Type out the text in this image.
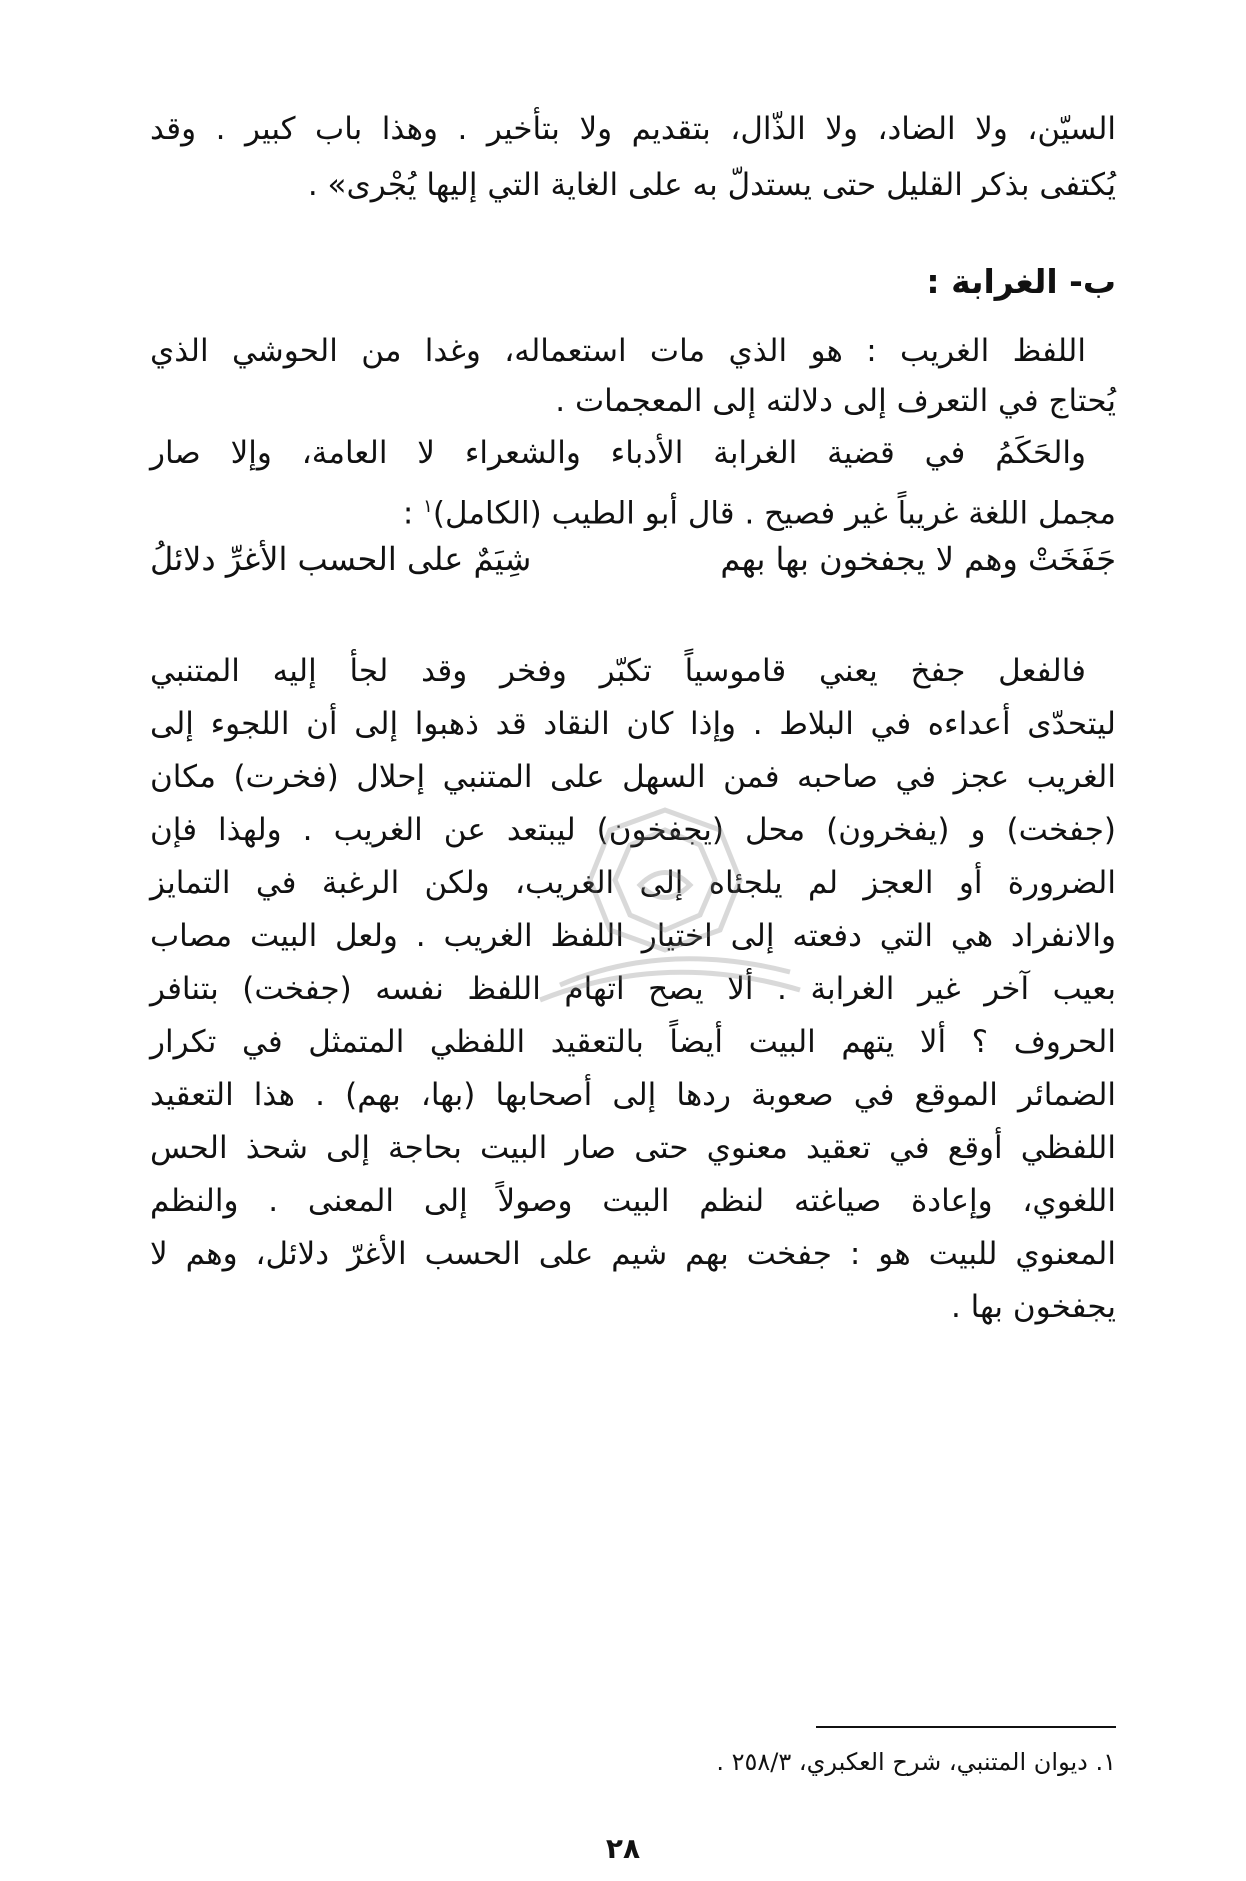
السيّن، ولا الضاد، ولا الذّال، بتقديم ولا بتأخير . وهذا باب كبير . وقد
يُكتفى بذكر القليل حتى يستدلّ به على الغاية التي إليها يُجْرى» .
ب- الغرابة :
اللفظ الغريب : هو الذي مات استعماله، وغدا من الحوشي الذي
يُحتاج في التعرف إلى دلالته إلى المعجمات .
والحَكَمُ في قضية الغرابة الأدباء والشعراء لا العامة، وإلا صار
مجمل اللغة غريباً غير فصيح . قال أبو الطيب (الكامل)$^١$ :
جَفَخَتْ وهم لا يجفخون بها بهم
شِيَمٌ على الحسب الأغرِّ دلائلُ
فالفعل جفخ يعني قاموسياً تكبّر وفخر وقد لجأ إليه المتنبي
ليتحدّى أعداءه في البلاط . وإذا كان النقاد قد ذهبوا إلى أن اللجوء إلى
الغريب عجز في صاحبه فمن السهل على المتنبي إحلال (فخرت) مكان
(جفخت) و (يفخرون) محل (يجفخون) ليبتعد عن الغريب . ولهذا فإن
الضرورة أو العجز لم يلجئاه إلى الغريب، ولكن الرغبة في التمايز
والانفراد هي التي دفعته إلى اختيار اللفظ الغريب . ولعل البيت مصاب
بعيب آخر غير الغرابة . ألا يصح اتهام اللفظ نفسه (جفخت) بتنافر
الحروف ؟ ألا يتهم البيت أيضاً بالتعقيد اللفظي المتمثل في تكرار
الضمائر الموقع في صعوبة ردها إلى أصحابها (بها، بهم) . هذا التعقيد
اللفظي أوقع في تعقيد معنوي حتى صار البيت بحاجة إلى شحذ الحس
اللغوي، وإعادة صياغته لنظم البيت وصولاً إلى المعنى . والنظم
المعنوي للبيت هو : جفخت بهم شيم على الحسب الأغرّ دلائل، وهم لا
يجفخون بها .
١. ديوان المتنبي، شرح العكبري، ٢٥٨/٣ .
٢٨
